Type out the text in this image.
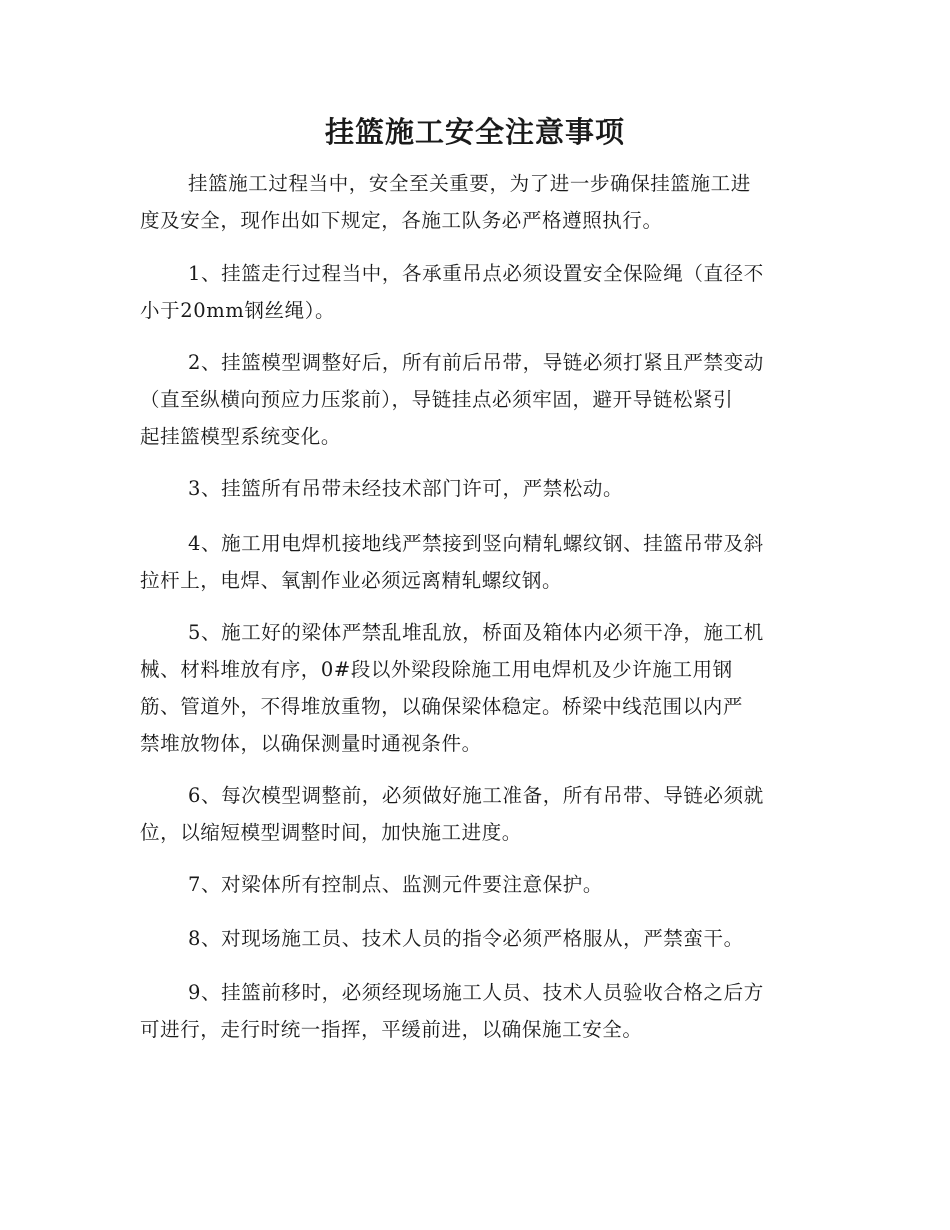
挂篮施工安全注意事项
挂篮施工过程当中，安全至关重要，为了进一步确保挂篮施工进
度及安全，现作出如下规定，各施工队务必严格遵照执行。
1、挂篮走行过程当中，各承重吊点必须设置安全保险绳（直径不
小于20mm钢丝绳）。
2、挂篮模型调整好后，所有前后吊带，导链必须打紧且严禁变动
（直至纵横向预应力压浆前），导链挂点必须牢固，避开导链松紧引
起挂篮模型系统变化。
3、挂篮所有吊带未经技术部门许可，严禁松动。
4、施工用电焊机接地线严禁接到竖向精轧螺纹钢、挂篮吊带及斜
拉杆上，电焊、氧割作业必须远离精轧螺纹钢。
5、施工好的梁体严禁乱堆乱放，桥面及箱体内必须干净，施工机
械、材料堆放有序，0#段以外梁段除施工用电焊机及少许施工用钢
筋、管道外，不得堆放重物，以确保梁体稳定。桥梁中线范围以内严
禁堆放物体，以确保测量时通视条件。
6、每次模型调整前，必须做好施工准备，所有吊带、导链必须就
位，以缩短模型调整时间，加快施工进度。
7、对梁体所有控制点、监测元件要注意保护。
8、对现场施工员、技术人员的指令必须严格服从，严禁蛮干。
9、挂篮前移时，必须经现场施工人员、技术人员验收合格之后方
可进行，走行时统一指挥，平缓前进，以确保施工安全。
